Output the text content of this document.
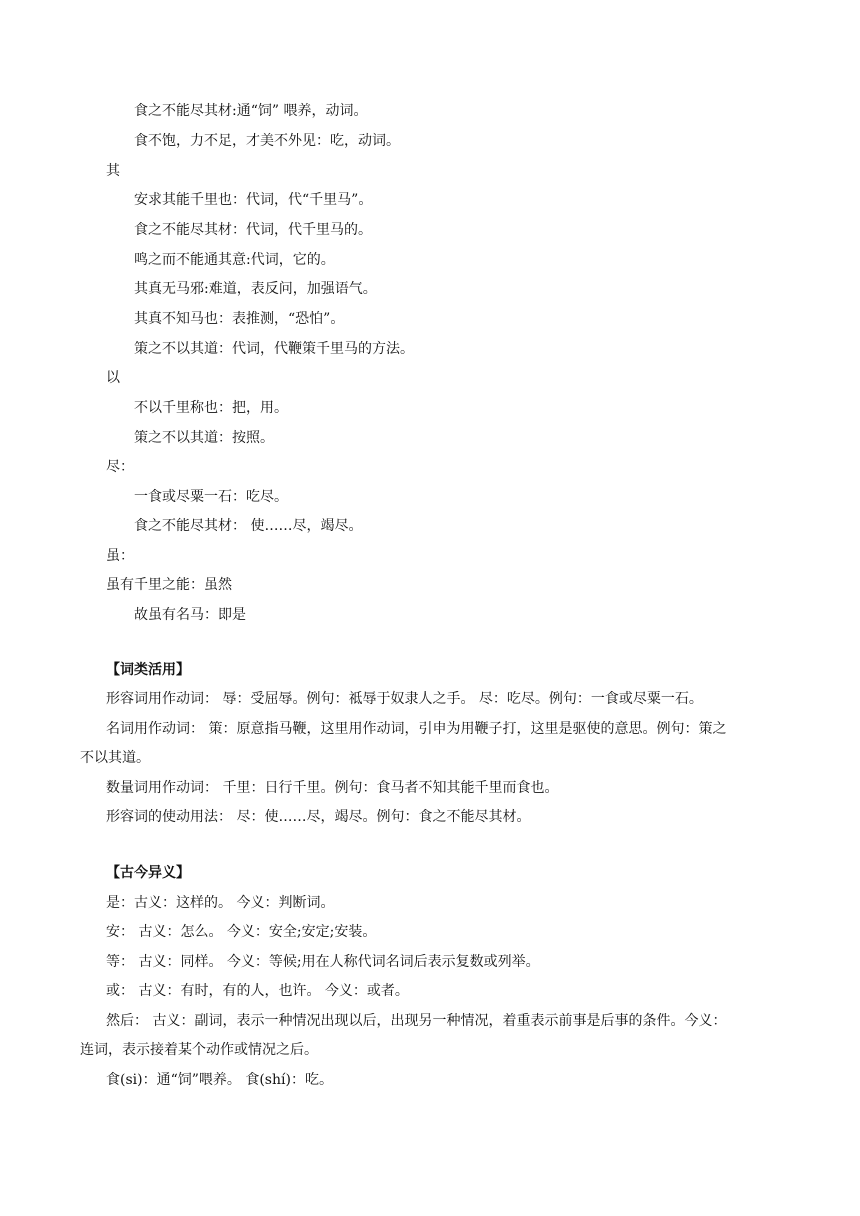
食之不能尽其材:通“饲” 喂养，动词。
食不饱，力不足，才美不外见：吃，动词。
其
安求其能千里也：代词，代“千里马”。
食之不能尽其材：代词，代千里马的。
鸣之而不能通其意:代词，它的。
其真无马邪:难道，表反问，加强语气。
其真不知马也：表推测，“恐怕”。
策之不以其道：代词，代鞭策千里马的方法。
以
不以千里称也：把，用。
策之不以其道：按照。
尽：
一食或尽粟一石：吃尽。
食之不能尽其材： 使……尽，竭尽。
虽：
虽有千里之能：虽然
故虽有名马：即是
【词类活用】
形容词用作动词： 辱：受屈辱。例句：祗辱于奴隶人之手。 尽：吃尽。例句：一食或尽粟一石。
名词用作动词： 策：原意指马鞭，这里用作动词，引申为用鞭子打，这里是驱使的意思。例句：策之
不以其道。
数量词用作动词： 千里：日行千里。例句：食马者不知其能千里而食也。
形容词的使动用法： 尽：使……尽，竭尽。例句：食之不能尽其材。
【古今异义】
是：古义：这样的。 今义：判断词。
安： 古义：怎么。 今义：安全;安定;安装。
等： 古义：同样。 今义：等候;用在人称代词名词后表示复数或列举。
或： 古义：有时，有的人，也许。 今义：或者。
然后： 古义：副词，表示一种情况出现以后，出现另一种情况，着重表示前事是后事的条件。今义：
连词，表示接着某个动作或情况之后。
食(si)：通“饲”喂养。 食(shí)：吃。
